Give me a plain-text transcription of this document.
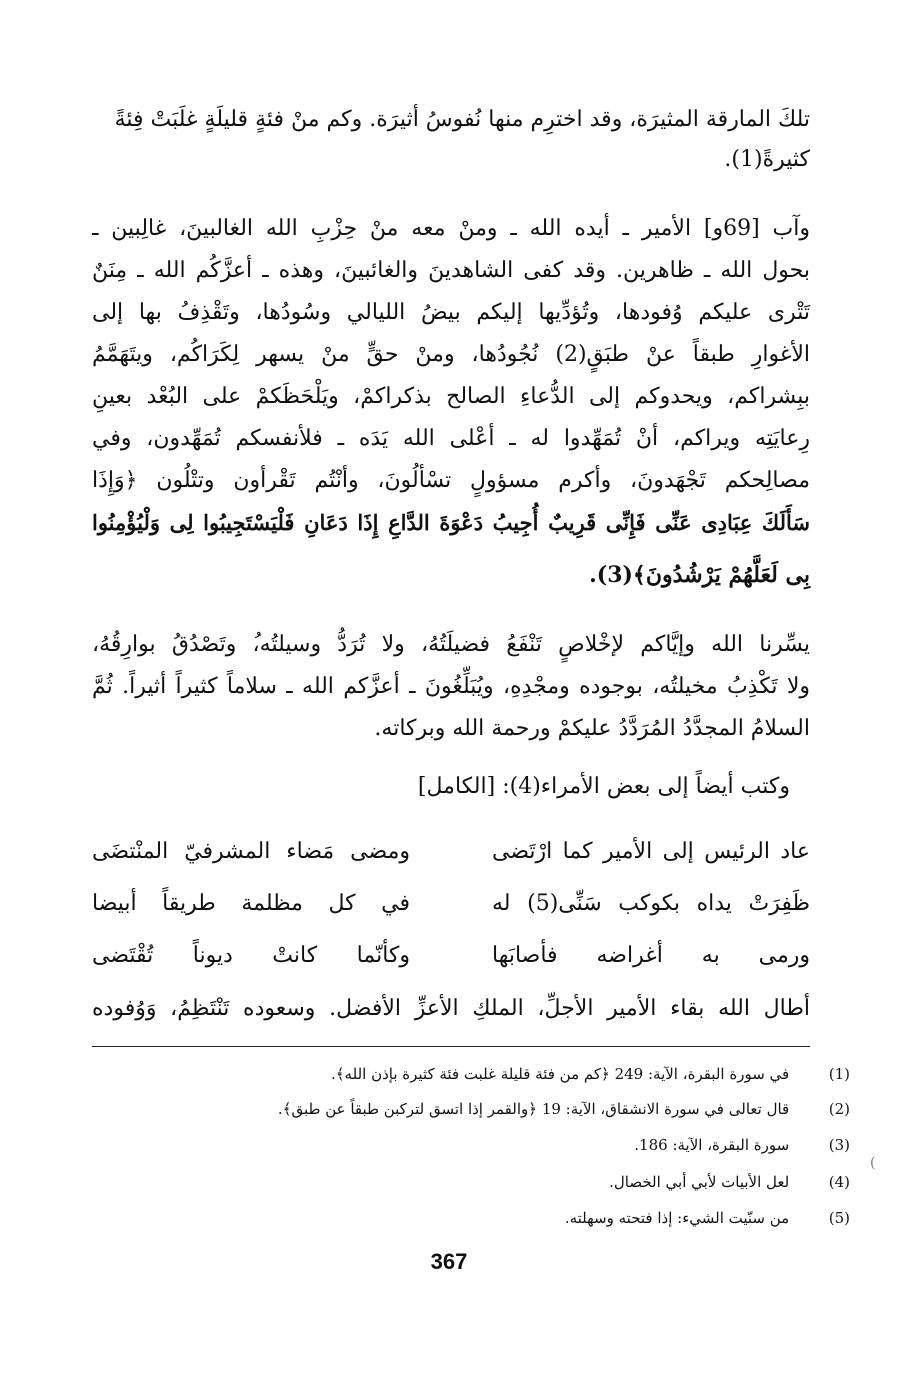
تلكَ المارقة المثيرَة، وقد اخترِم منها نُفوسُ أثيرَة. وكم منْ فئةٍ قليلَةٍ غلَبَتْ فِئةً
كثيرةً(1).
وآب [69و] الأمير ـ أيده الله ـ ومنْ معه منْ حِزْبِ الله الغالبينَ، غالِبين ـ
بحول الله ـ ظاهرين. وقد كفى الشاهدينَ والغائبينَ، وهذه ـ أعزَّكُم الله ـ مِنَنٌ
تَتْرى عليكم وُفودها، وتُؤدِّيها إليكم بيضُ الليالي وسُودُها، وتَقْذِفُ بها إلى
الأغوارِ طبقاً عنْ طبَقٍ(2) نُجُودُها، ومنْ حقٍّ منْ يسهر لِكَرَاكُم، ويتَهَمَّمُ
ببِشراكم، ويحدوكم إلى الدُّعاءِ الصالح بذكراكمْ، ويَلْحَظَكمْ على البُعْد بعينِ
رِعايَتِه ويراكم، أنْ تُمَهِّدوا له ـ أعْلى الله يَدَه ـ فلأنفسكم تُمَهِّدون، وفي
مصالِحكم تَجْهَدونَ، وأكرم مسؤولٍ تسْألُونَ، وأنْتُم تَقْرأون وتتْلُون ﴿وَإِذَا
سَأَلَكَ عِبَادِى عَنِّى فَإِنِّى قَرِيبٌ أُجِيبُ دَعْوَةَ الدَّاعِ إِذَا دَعَانِ فَلْيَسْتَجِيبُوا لِى وَلْيُؤْمِنُوا
بِى لَعَلَّهُمْ يَرْشُدُونَ﴾(3).
يسِّرنا الله وإيَّاكم لإخْلاصٍ تَنْفَعُ فضيلَتُهُ، ولا تُرَدُّ وسيلتُه،ُ وتَصْدُقُ بوارِقُهُ،
ولا تَكْذِبُ مخيلتُه، بوجوده ومجْدِهِ، ويُبَلِّغُونَ ـ أعزَّكم الله ـ سلاماً كثيراً أثيراً. ثُمَّ
السلامُ المجدَّدُ المُرَدَّدُ عليكمْ ورحمة الله وبركاته.
وكتب أيضاً إلى بعض الأمراء(4): [الكامل]
عاد الرئيس إلى الأمير كما ارْتَضى
ومضى مَضاء المشرفيّ المنْتضَى
ظَفِرَتْ يداه بكوكب سَنِّى(5) له
في كل مظلمة طريقاً أبيضا
ورمى به أغراضه فأصابَها
وكأنّما كانتْ ديوناً تُقْتَضى
أطال الله بقاء الأمير الأجلِّ، الملكِ الأعزِّ الأفضل. وسعوده تَنْتَظِمُ، وَوُفوده
(1) في سورة البقرة، الآية: 249 ﴿كم من فئة قليلة غلبت فئة كثيرة بإذن الله﴾.
(2) قال تعالى في سورة الانشقاق، الآية: 19 ﴿والقمر إذا اتسق لتركبن طبقاً عن طبق﴾.
(3) سورة البقرة، الآية: 186.
(4) لعل الأبيات لأبي أبي الخصال.
(5) من سنّيت الشيء: إذا فتحته وسهلته.
367
(
